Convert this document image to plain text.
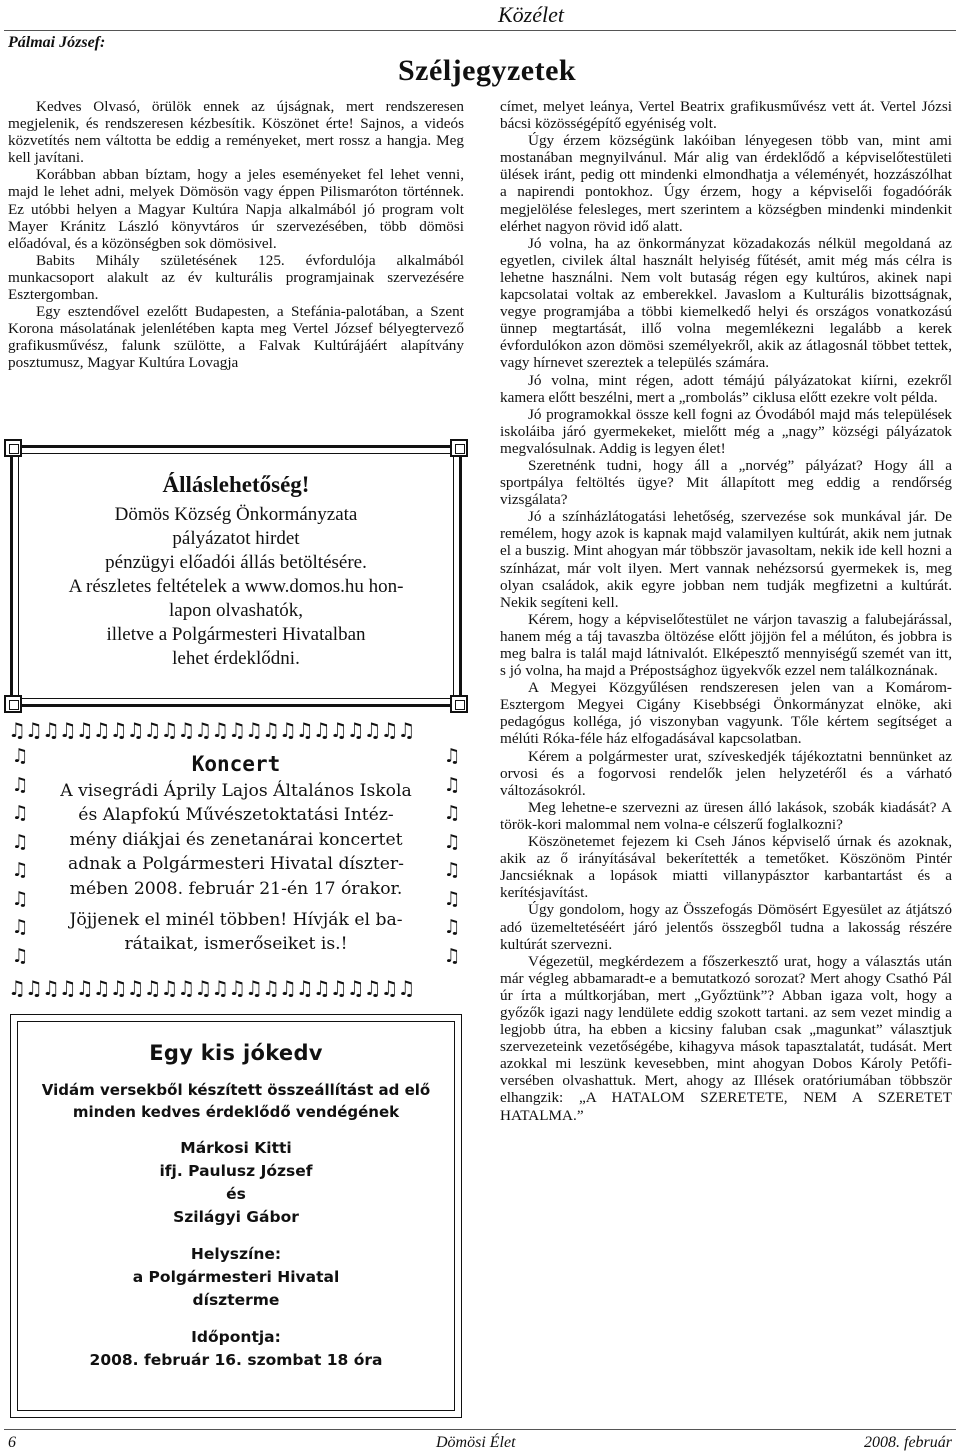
Közélet
Pálmai József:
Széljegyzetek

Kedves Olvasó, örülök ennek az újságnak, mert rendszeresen megjelenik, és rendszeresen kézbesítik. Köszönet érte! Sajnos, a videós közvetítés nem váltotta be eddig a reményeket, mert rossz a hangja. Meg kell javítani.

Korábban abban bíztam, hogy a jeles eseményeket fel lehet venni, majd le lehet adni, melyek Dömösön vagy éppen Pilismaróton történnek. Ez utóbbi helyen a Magyar Kultúra Napja alkalmából jó program volt Mayer Kránitz László könyvtáros úr szervezésében, több dömösi előadóval, és a közönségben sok dömösivel.

Babits Mihály születésének 125. évfordulója alkalmából munkacsoport alakult az év kulturális programjainak szervezésére Esztergomban.

Egy esztendővel ezelőtt Budapesten, a Stefánia-palotában, a Szent Korona másolatának jelenlétében kapta meg Vertel József bélyegtervező grafikusművész, falunk szülötte, a Falvak Kultúrájáért alapítvány posztumusz, Magyar Kultúra Lovagja

Álláslehetőség!
Dömös Község Önkormányzata
pályázatot hirdet
pénzügyi előadói állás betöltésére.
A részletes feltételek a www.domos.hu hon-
lapon olvashatók,
illetve a Polgármesteri Hivatalban
lehet érdeklődni.
♫♫♫♫♫♫♫♫♫♫♫♫♫♫♫♫♫♫♫♫♫♫♫♫
♫♫♫♫♫♫♫♫♫♫♫♫♫♫♫♫♫♫♫♫♫♫♫♫
♫
♫
♫
♫
♫
♫
♫
♫
♫
♫
♫
♫
♫
♫
♫
♫
Koncert
A visegrádi Áprily Lajos Általános Iskola
és Alapfokú Művészetoktatási Intéz-
mény diákjai és zenetanárai koncertet
adnak a Polgármesteri Hivatal díszter-
mében 2008. február 21-én 17 órakor.
Jöjjenek el minél többen! Hívják el ba-
rátaikat, ismerőseiket is.!
Egy kis jókedv
Vidám versekből készített összeállítást ad elő
minden kedves érdeklődő vendégének
Márkosi Kitti
ifj. Paulusz József
és
Szilágyi Gábor
Helyszíne:
a Polgármesteri Hivatal
díszterme
Időpontja:
2008. február 16. szombat 18 óra

címet, melyet leánya, Vertel Beatrix grafikusművész vett át. Vertel Józsi bácsi közösségépítő egyéniség volt.

Úgy érzem községünk lakóiban lényegesen több van, mint ami mostanában megnyilvánul. Már alig van érdeklődő a képviselőtestületi ülések iránt, pedig ott mindenki elmondhatja a véleményét, hozzászólhat a napirendi pontokhoz. Úgy érzem, hogy a képviselői fogadóórák megjelölése felesleges, mert szerintem a községben mindenki mindenkit elérhet nagyon rövid idő alatt.

Jó volna, ha az önkormányzat közadakozás nélkül megoldaná az egyetlen, civilek által használt helyiség fűtését, amit még más célra is lehetne használni. Nem volt butaság régen egy kultúros, akinek napi kapcsolatai voltak az emberekkel. Javaslom a Kulturális bizottságnak, vegye programjába a többi kiemelkedő helyi és országos vonatkozású ünnep megtartását, illő volna megemlékezni legalább a kerek évfordulókon azon dömösi személyekről, akik az átlagosnál többet tettek, vagy hírnevet szereztek a település számára.

Jó volna, mint régen, adott témájú pályázatokat kiírni, ezekről kamera előtt beszélni, mert a „rombolás” ciklusa előtt ezekre volt példa.

Jó programokkal össze kell fogni az Óvodából majd más települések iskoláiba járó gyermekeket, mielőtt még a „nagy” községi pályázatok megvalósulnak. Addig is legyen élet!

Szeretnénk tudni, hogy áll a „norvég” pályázat? Hogy áll a sportpálya feltöltés ügye? Mit állapított meg eddig a rendőrség vizsgálata?

Jó a színházlátogatási lehetőség, szervezése sok munkával jár. De remélem, hogy azok is kapnak majd valamilyen kultúrát, akik nem jutnak el a buszig. Mint ahogyan már többször javasoltam, nekik ide kell hozni a színházat, már volt ilyen. Mert vannak nehézsorsú gyermekek is, meg olyan családok, akik egyre jobban nem tudják megfizetni a kultúrát. Nekik segíteni kell.

Kérem, hogy a képviselőtestület ne várjon tavaszig a falubejárással, hanem még a táj tavaszba öltözése előtt jöjjön fel a mélúton, és jobbra is meg balra is talál majd látnivalót. Elképesztő mennyiségű szemét van itt, s jó volna, ha majd a Prépostsághoz ügyekvők ezzel nem találkoznának.

A Megyei Közgyűlésen rendszeresen jelen van a Komárom-Esztergom Megyei Cigány Kisebbségi Önkormányzat elnöke, aki pedagógus kolléga, jó viszonyban vagyunk. Tőle kértem segítséget a mélúti Róka-féle ház elfogadásával kapcsolatban.

Kérem a polgármester urat, szíveskedjék tájékoztatni bennünket az orvosi és a fogorvosi rendelők jelen helyzetéről és a várható változásokról.

Meg lehetne-e szervezni az üresen álló lakások, szobák kiadását? A török-kori malommal nem volna-e célszerű foglalkozni?

Köszönetemet fejezem ki Cseh János képviselő úrnak és azoknak, akik az ő irányításával bekerítették a temetőket. Köszönöm Pintér Jancsiéknak a lopások miatti villanypásztor karbantartást és a kerítésjavítást.

Úgy gondolom, hogy az Összefogás Dömösért Egyesület az átjátszó adó üzemeltetéséért járó jelentős összegből tudna a lakosság részére kultúrát szervezni.

Végezetül, megkérdezem a főszerkesztő urat, hogy a választás után már végleg abbamaradt-e a bemutatkozó sorozat? Mert ahogy Csathó Pál úr írta a múltkorjában, mert „Győztünk”? Abban igaza volt, hogy a győzők igazi nagy lendülete eddig szokott tartani. az sem vezet mindig a legjobb útra, ha ebben a kicsiny faluban csak „magunkat” választjuk szervezeteink vezetőségébe, kihagyva mások tapasztalatát, tudását. Mert azokkal mi leszünk kevesebben, mint ahogyan Dobos Károly Petőfi-versében olvashattuk. Mert, ahogy az Illések oratóriumában többször elhangzik: „A HATALOM SZERETETE, NEM A SZERETET HATALMA.”

6	Dömösi Élet	2008. február
